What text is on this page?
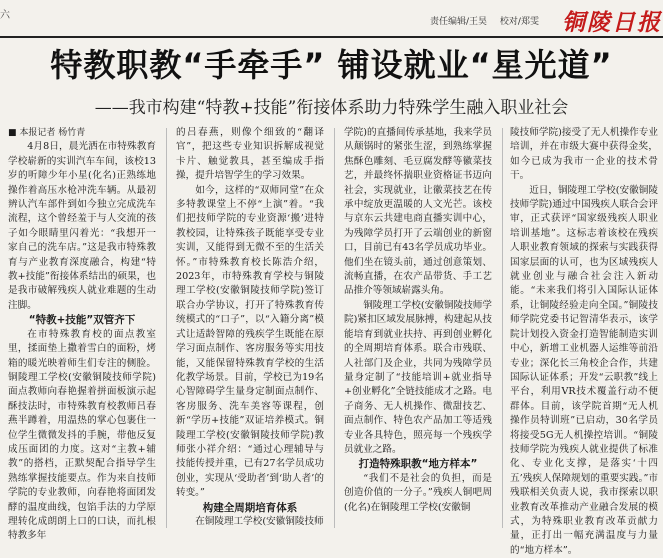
六
责任编辑/王昊 校对/郑雯	铜陵日报
特教职教“手牵手” 铺设就业“星光道”
——我市构建“特教+技能”衔接体系助力特殊学生融入职业社会

■ 本报记者 杨竹青

4月8日，晨光洒在市特殊教育学校崭新的实训汽车车间，该校13岁的听障少年小星(化名)正熟练地操作着高压水枪冲洗车辆。从最初辨认汽车部件到如今独立完成洗车流程，这个曾经羞于与人交流的孩子如今眼睛里闪着光：“我想开一家自己的洗车店。”这是我市特殊教育与产业教育深度融合，构建“特教+技能”衔接体系结出的硕果，也是我市破解残疾人就业难题的生动注脚。

“特教+技能”双管齐下

在市特殊教育校的面点教室里，揉面垫上撒着雪白的面粉，烤箱的暖光映着师生们专注的侧脸。铜陵理工学校(安徽铜陵技师学院)面点教师向春艳握着拼面板演示起酥技法时，市特殊教育校教师吕春燕半蹲着，用温热的掌心包裹住一位学生微微发抖的手腕，带他反复成压面团的力度。这对“主教+辅教”的搭档，正默契配合指导学生熟练掌握技能要点。作为来自技师学院的专业教师，向春艳将面团发酵的温度曲线，包馅手法的力学原理转化成朗朗上口的口诀，而扎根特教多年

的吕春燕，则像个细致的“翻译官”，把这些专业知识拆解成视觉卡片、触觉教具，甚至编成手指操，提升培智学生的学习效果。

如今，这样的“双师同堂”在众多特教课堂上不停“上演”着。“我们把技师学院的专业资源‘搬’进特教校园，让特殊孩子既能享受专业实训，又能得到无微不至的生活关怀。”市特殊教育校长陈浩介绍，2023年，市特殊教育学校与铜陵理工学校(安徽铜陵技师学院)签订联合办学协议，打开了特殊教育传统模式的“口子”，以“入籍分离”模式让适龄智障的残疾学生既能在原学习面点制作、客房服务等实用技能，又能保留特殊教育学校的生活化教学场景。目前，学校已为19名心智障碍学生量身定制面点制作、客房服务、洗车美容等课程，创新“学历+技能”双证培养模式。铜陵理工学校(安徽铜陵技师学院)教师张小祥介绍：“通过心理辅导与技能传授并重，已有27名学员成功创业，实现从‘受助者’到‘助人者’的转变。”

构建全周期培育体系

在铜陵理工学校(安徽铜陵技师

学院)的直播间传承基地，我来学员从颠锅时的紧张生涩，到熟练掌握焦酥色雕刻、毛豆腐发酵等徽菜技艺，并最终怀揣职业资格证书迈向社会，实现就业，让徽菜技艺在传承中绽放更温暖的人文光芒。该校与京东云共建电商直播实训中心，为残障学员打开了云端创业的新窗口，目前已有43名学员成功毕业。他们坐在镜头前，通过创意策划、流畅直播，在农产品带货、手工艺品推介等领域崭露头角。

铜陵理工学校(安徽铜陵技师学院)紧扣区域发展脉搏，构建起从技能培育到就业扶持、再到创业孵化的全周期培育体系。联合市残联、人社部门及企业，共同为残障学员量身定制了“技能培训+就业指导+创业孵化”全链技能成才之路。电子商务、无人机操作、微甜技艺、面点制作、特色农产品加工等适残专业各具特色，照亮每一个残疾学员就业之路。

打造特殊职教“地方样本”

“我们不是社会的负担，而是创造价值的一分子。”残疾人铜吧周(化名)在铜陵理工学校(安徽铜

陵技师学院)接受了无人机操作专业培训，并在市级大赛中获得金奖，如今已成为我市一企业的技术骨干。

近日，铜陵理工学校(安徽铜陵技师学院)通过中国残疾人联合会评审，正式获评“国家级残疾人职业培训基地”。这标志着该校在残疾人职业教育领域的探索与实践获得国家层面的认可，也为区域残疾人就业创业与融合社会注入新动能。“未来我们将引入国际认证体系，让铜陵经验走向全国。”铜陵技师学院党委书记智清华表示，该学院计划投入资金打造智能制造实训中心，新增工业机器人运维等前沿专业；深化长三角校企合作，共建国际认证体系；开发“云职教”线上平台，利用VR技术覆盖行动不便群体。目前，该学院首期“无人机操作员特训班”已启动，30名学员将接受5G无人机操控培训。“铜陵技师学院为残疾人就业提供了标准化、专业化支撑，是落实‘十四五’残疾人保障规划的重要实践。”市残联相关负责人说，我市探索以职业教育改革推动产业融合发展的模式，为特殊职业教育改革贡献力量，正打出一幅充满温度与力量的“地方样本”。
